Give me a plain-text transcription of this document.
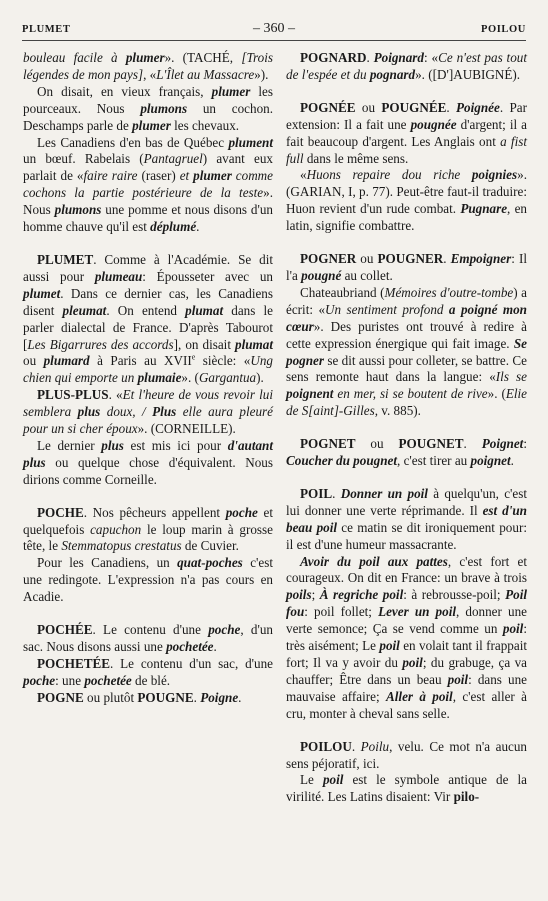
PLUMET	– 360 –	POILOU

bouleau facile à plumer». (TACHÉ, [Trois légendes de mon pays], «L'Îlet au Massacre»).

On disait, en vieux français, plumer les pourceaux. Nous plumons un cochon. Deschamps parle de plumer les chevaux.

Les Canadiens d'en bas de Québec plument un bœuf. Rabelais (Pantagruel) avant eux parlait de «faire raire (raser) et plumer comme cochons la partie postérieure de la teste». Nous plumons une pomme et nous disons d'un homme chauve qu'il est déplumé.

PLUMET. Comme à l'Académie. Se dit aussi pour plumeau: Épousseter avec un plumet. Dans ce dernier cas, les Canadiens disent pleumat. On entend plumat dans le parler dialectal de France. D'après Tabourot [Les Bigarrures des accords], on disait plumat ou plumard à Paris au XVIIe siècle: «Ung chien qui emporte un plumaie». (Gargantua).

PLUS-PLUS. «Et l'heure de vous revoir lui semblera plus doux, / Plus elle aura pleuré pour un si cher époux». (CORNEILLE).

Le dernier plus est mis ici pour d'autant plus ou quelque chose d'équivalent. Nous dirions comme Corneille.

POCHE. Nos pêcheurs appellent poche et quelquefois capuchon le loup marin à grosse tête, le Stemmatopus crestatus de Cuvier.

Pour les Canadiens, un quat-poches c'est une redingote. L'expression n'a pas cours en Acadie.

POCHÉE. Le contenu d'une poche, d'un sac. Nous disons aussi une pochetée.

POCHETÉE. Le contenu d'un sac, d'une poche: une pochetée de blé.

POGNE ou plutôt POUGNE. Poigne.

POGNARD. Poignard: «Ce n'est pas tout de l'espée et du pognard». ([D']AUBIGNÉ).

POGNÉE ou POUGNÉE. Poignée. Par extension: Il a fait une pougnée d'argent; il a fait beaucoup d'argent. Les Anglais ont a fist full dans le même sens.

«Huons repaire dou riche poignies». (GARIAN, I, p. 77). Peut-être faut-il traduire: Huon revient d'un rude combat. Pugnare, en latin, signifie combattre.

POGNER ou POUGNER. Empoigner: Il l'a pougné au collet.

Chateaubriand (Mémoires d'outre-tombe) a écrit: «Un sentiment profond a poigné mon cœur». Des puristes ont trouvé à redire à cette expression énergique qui fait image. Se pogner se dit aussi pour colleter, se battre. Ce sens remonte haut dans la langue: «Ils se poignent en mer, si se boutent de rive». (Elie de S[aint]-Gilles, v. 885).

POGNET ou POUGNET. Poignet: Coucher du pougnet, c'est tirer au poignet.

POIL. Donner un poil à quelqu'un, c'est lui donner une verte réprimande. Il est d'un beau poil ce matin se dit ironiquement pour: il est d'une humeur massacrante.

Avoir du poil aux pattes, c'est fort et courageux. On dit en France: un brave à trois poils; À regriche poil: à rebrousse-poil; Poil fou: poil follet; Lever un poil, donner une verte semonce; Ça se vend comme un poil: très aisément; Le poil en volait tant il frappait fort; Il va y avoir du poil; du grabuge, ça va chauffer; Être dans un beau poil: dans une mauvaise affaire; Aller à poil, c'est aller à cru, monter à cheval sans selle.

POILOU. Poilu, velu. Ce mot n'a aucun sens péjoratif, ici.

Le poil est le symbole antique de la virilité. Les Latins disaient: Vir pilo-
